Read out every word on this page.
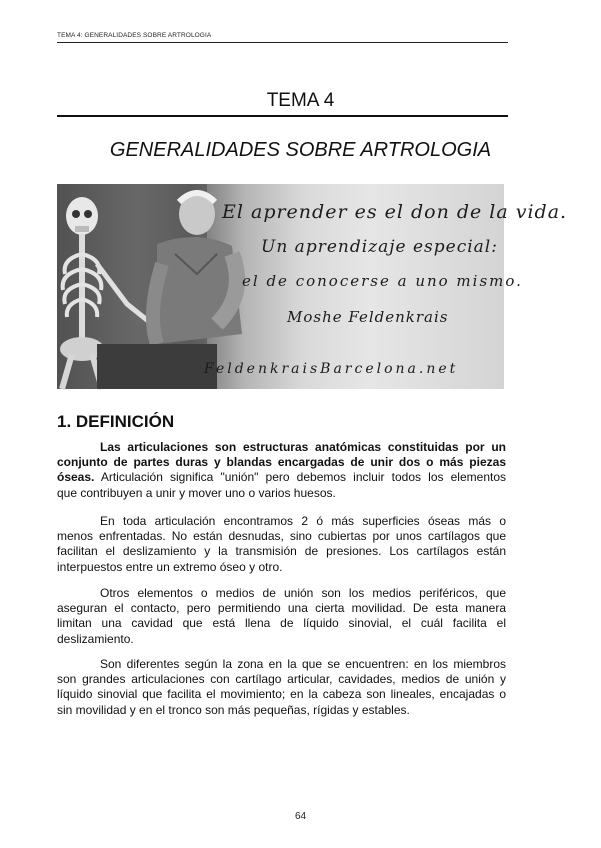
TEMA 4: GENERALIDADES SOBRE ARTROLOGIA
TEMA 4
GENERALIDADES SOBRE ARTROLOGIA
El aprender es el don de la vida.
Un aprendizaje especial:
el de conocerse a uno mismo.
Moshe Feldenkrais
FeldenkraisBarcelona.net
1. DEFINICIÓN
Las articulaciones son estructuras anatómicas constituidas por un
conjunto de partes duras y blandas encargadas de unir dos o más piezas
óseas. Articulación significa "unión" pero debemos incluir todos los elementos
que contribuyen a unir y mover uno o varios huesos.
En toda articulación encontramos 2 ó más superficies óseas más o
menos enfrentadas. No están desnudas, sino cubiertas por unos cartílagos que
facilitan el deslizamiento y la transmisión de presiones. Los cartílagos están
interpuestos entre un extremo óseo y otro.
Otros elementos o medios de unión son los medios periféricos, que
aseguran el contacto, pero permitiendo una cierta movilidad. De esta manera
limitan una cavidad que está llena de líquido sinovial, el cuál facilita el
deslizamiento.
Son diferentes según la zona en la que se encuentren: en los miembros
son grandes articulaciones con cartílago articular, cavidades, medios de unión y
líquido sinovial que facilita el movimiento; en la cabeza son lineales, encajadas o
sin movilidad y en el tronco son más pequeñas, rígidas y estables.
64
